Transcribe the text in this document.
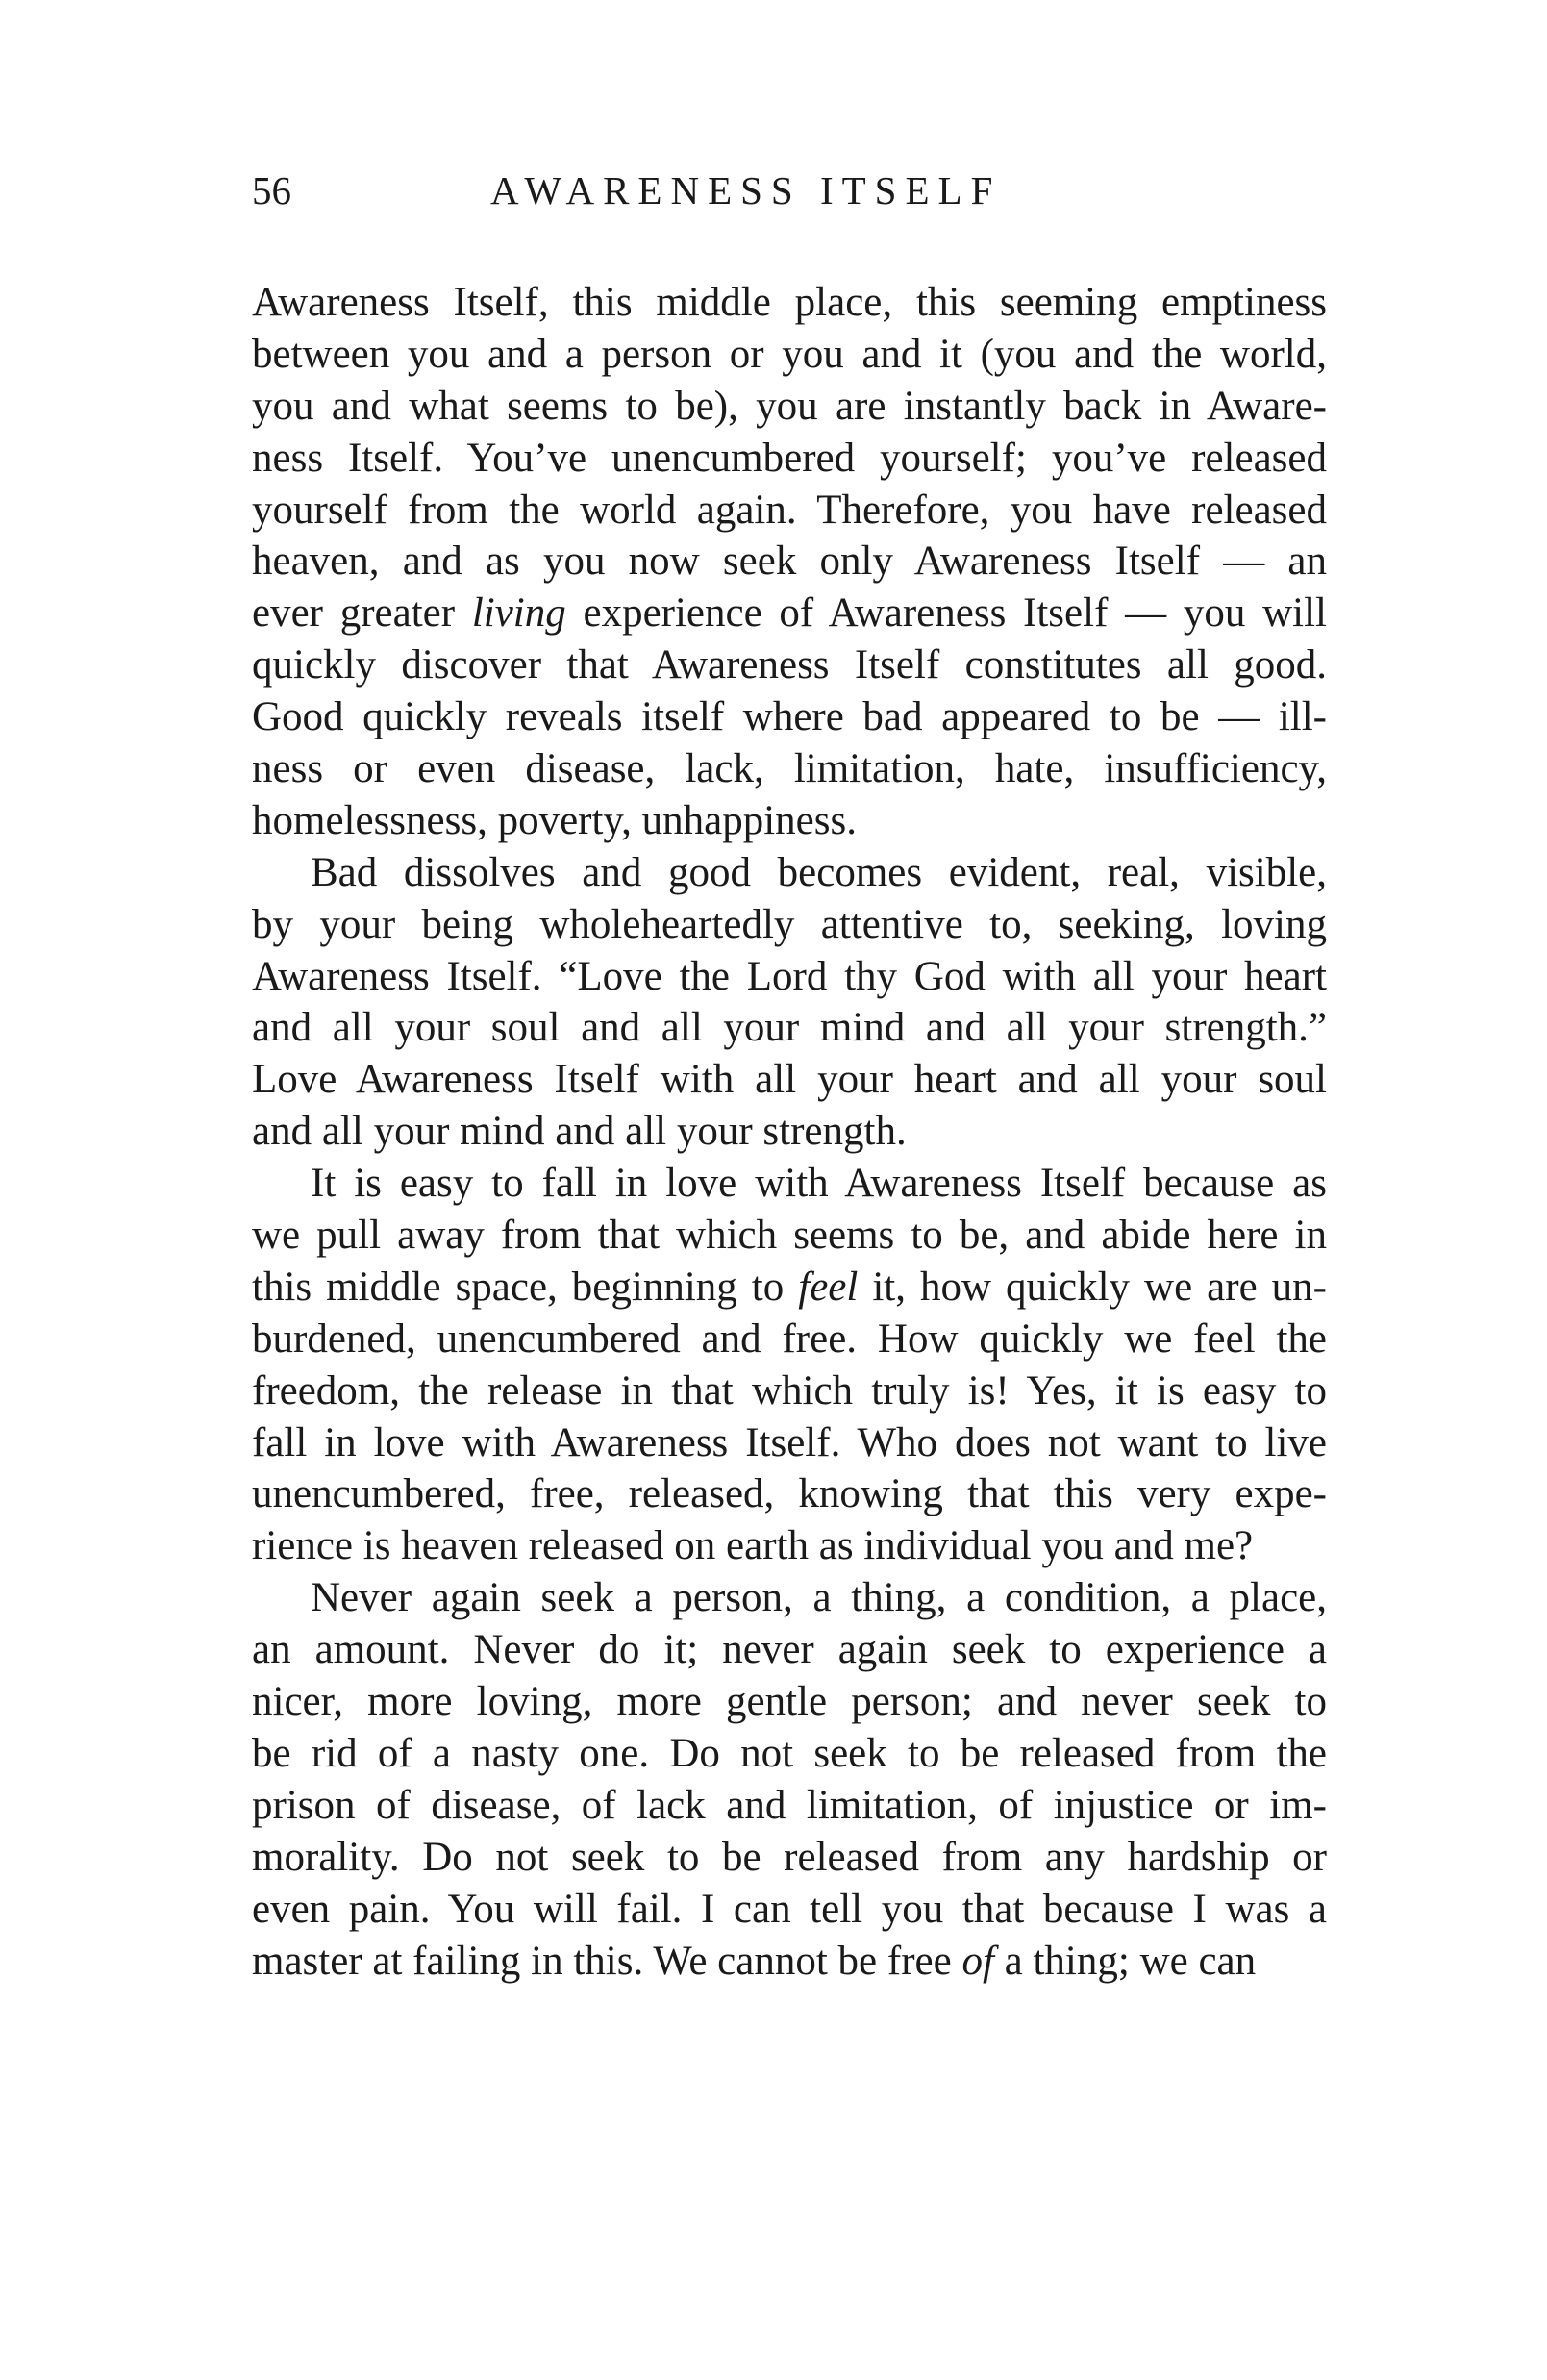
56	AWARENESS ITSELF
Awareness Itself, this middle place, this seeming emptiness
between you and a person or you and it (you and the world,
you and what seems to be), you are instantly back in Aware-
ness Itself. You’ve unencumbered yourself; you’ve released
yourself from the world again. Therefore, you have released
heaven, and as you now seek only Awareness Itself — an
ever greater living experience of Awareness Itself — you will
quickly discover that Awareness Itself constitutes all good.
Good quickly reveals itself where bad appeared to be — ill-
ness or even disease, lack, limitation, hate, insufficiency,
homelessness, poverty, unhappiness.
Bad dissolves and good becomes evident, real, visible,
by your being wholeheartedly attentive to, seeking, loving
Awareness Itself. “Love the Lord thy God with all your heart
and all your soul and all your mind and all your strength.”
Love Awareness Itself with all your heart and all your soul
and all your mind and all your strength.
It is easy to fall in love with Awareness Itself because as
we pull away from that which seems to be, and abide here in
this middle space, beginning to feel it, how quickly we are un-
burdened, unencumbered and free. How quickly we feel the
freedom, the release in that which truly is! Yes, it is easy to
fall in love with Awareness Itself. Who does not want to live
unencumbered, free, released, knowing that this very expe-
rience is heaven released on earth as individual you and me?
Never again seek a person, a thing, a condition, a place,
an amount. Never do it; never again seek to experience a
nicer, more loving, more gentle person; and never seek to
be rid of a nasty one. Do not seek to be released from the
prison of disease, of lack and limitation, of injustice or im-
morality. Do not seek to be released from any hardship or
even pain. You will fail. I can tell you that because I was a
master at failing in this. We cannot be free of a thing; we can
